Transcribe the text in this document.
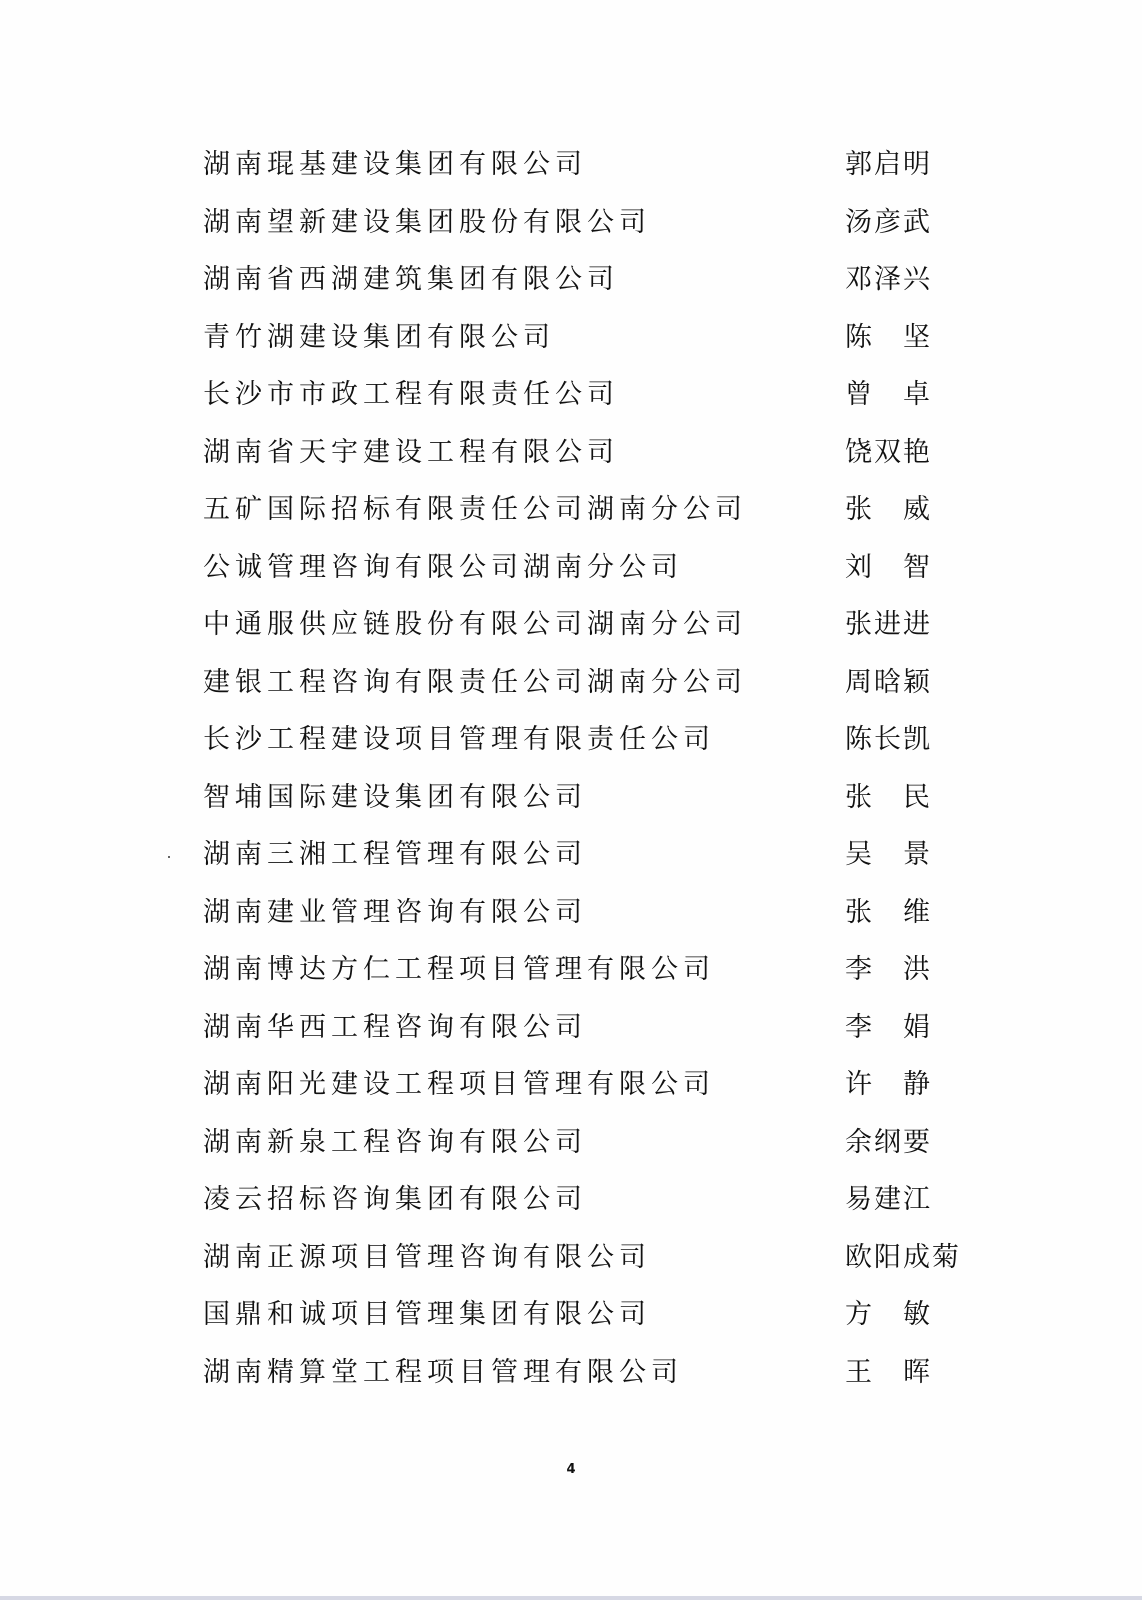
湖南琨基建设集团有限公司	郭启明
湖南望新建设集团股份有限公司	汤彦武
湖南省西湖建筑集团有限公司	邓泽兴
青竹湖建设集团有限公司	陈　坚
长沙市市政工程有限责任公司	曾　卓
湖南省天宇建设工程有限公司	饶双艳
五矿国际招标有限责任公司湖南分公司	张　威
公诚管理咨询有限公司湖南分公司	刘　智
中通服供应链股份有限公司湖南分公司	张进进
建银工程咨询有限责任公司湖南分公司	周晗颖
长沙工程建设项目管理有限责任公司	陈长凯
智埔国际建设集团有限公司	张　民
湖南三湘工程管理有限公司	吴　景
湖南建业管理咨询有限公司	张　维
湖南博达方仁工程项目管理有限公司	李　洪
湖南华西工程咨询有限公司	李　娟
湖南阳光建设工程项目管理有限公司	许　静
湖南新泉工程咨询有限公司	余纲要
凌云招标咨询集团有限公司	易建江
湖南正源项目管理咨询有限公司	欧阳成菊
国鼎和诚项目管理集团有限公司	方　敏
湖南精算堂工程项目管理有限公司	王　晖
4
